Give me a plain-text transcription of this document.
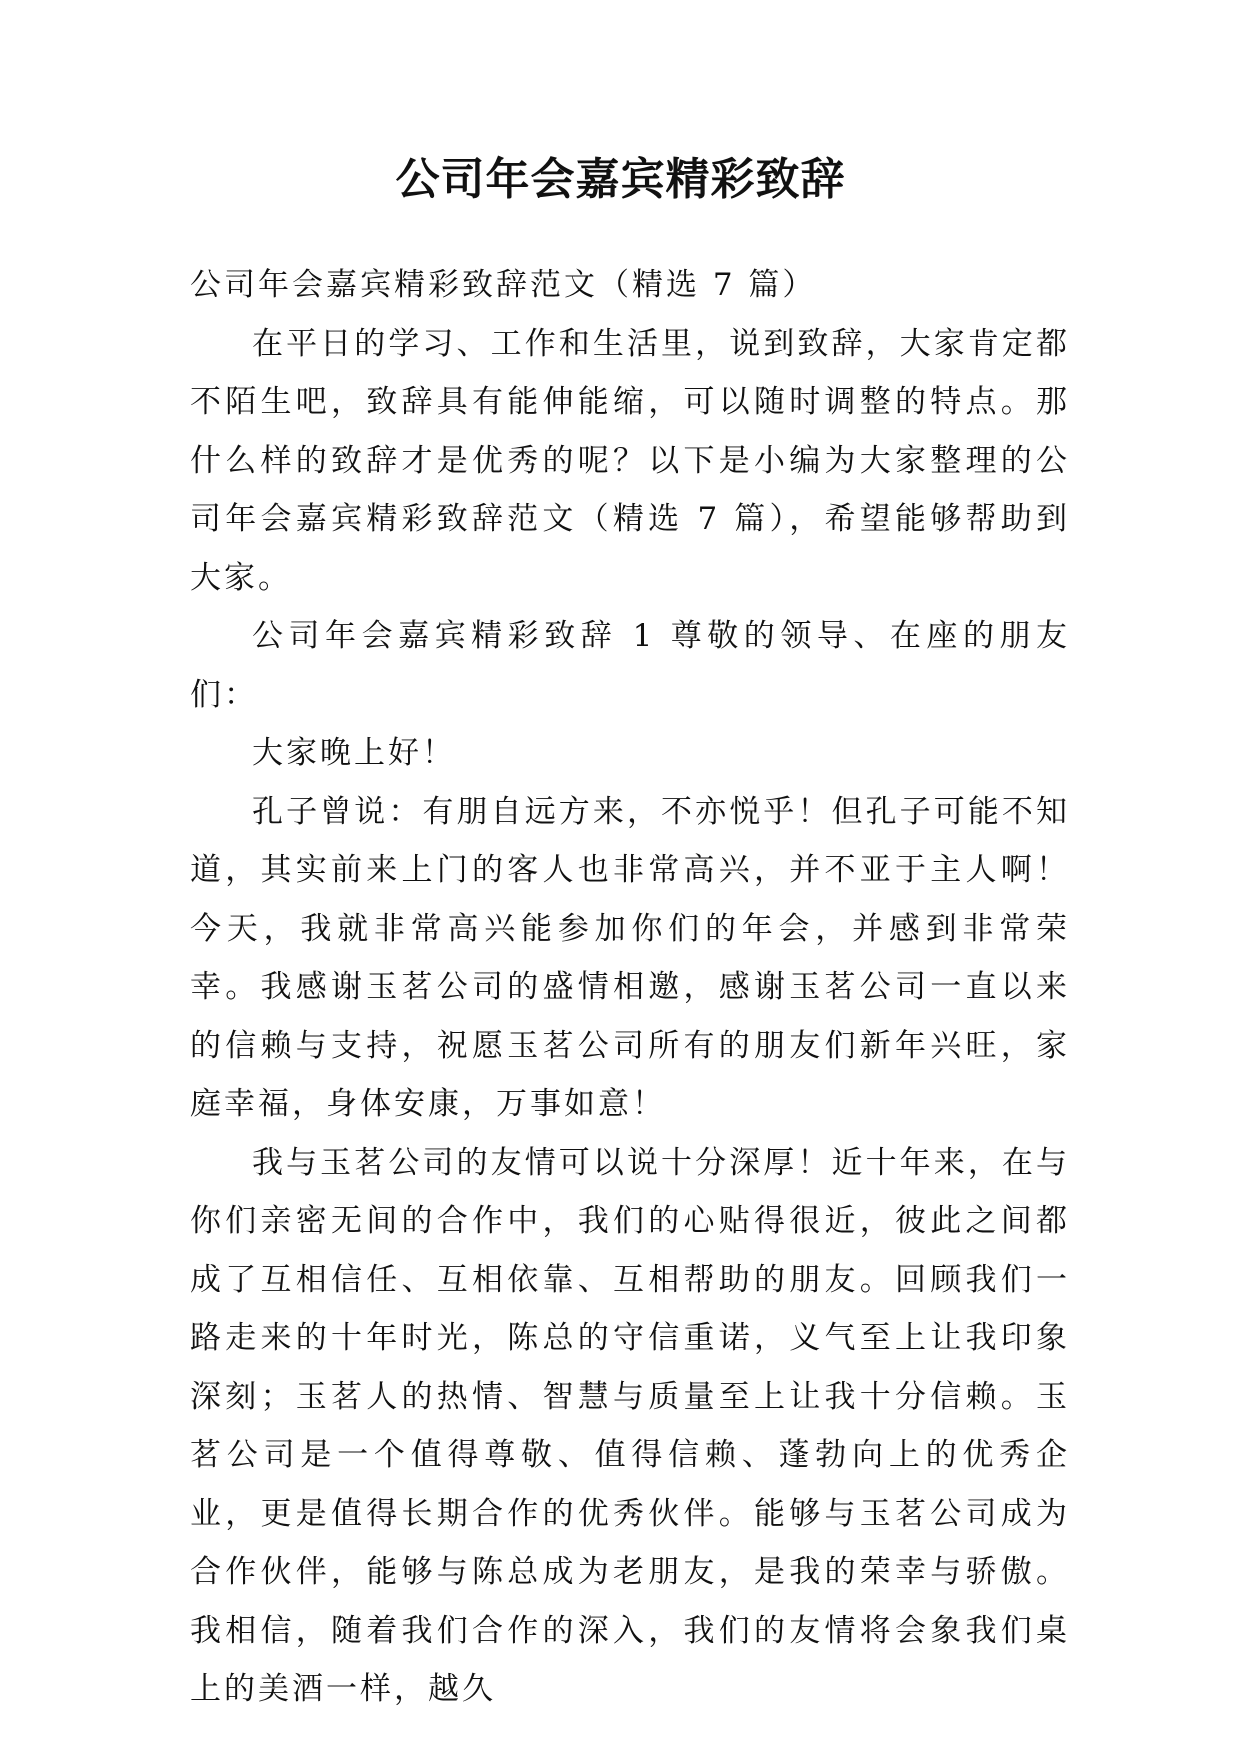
公司年会嘉宾精彩致辞

公司年会嘉宾精彩致辞范文（精选 7 篇）

在平日的学习、工作和生活里，说到致辞，大家肯定都不陌生吧，致辞具有能伸能缩，可以随时调整的特点。那什么样的致辞才是优秀的呢？以下是小编为大家整理的公司年会嘉宾精彩致辞范文（精选 7 篇），希望能够帮助到大家。

公司年会嘉宾精彩致辞 1 尊敬的领导、在座的朋友们：

大家晚上好！

孔子曾说：有朋自远方来，不亦悦乎！但孔子可能不知道，其实前来上门的客人也非常高兴，并不亚于主人啊！今天，我就非常高兴能参加你们的年会，并感到非常荣幸。我感谢玉茗公司的盛情相邀，感谢玉茗公司一直以来的信赖与支持，祝愿玉茗公司所有的朋友们新年兴旺，家庭幸福，身体安康，万事如意！

我与玉茗公司的友情可以说十分深厚！近十年来，在与你们亲密无间的合作中，我们的心贴得很近，彼此之间都成了互相信任、互相依靠、互相帮助的朋友。回顾我们一路走来的十年时光，陈总的守信重诺，义气至上让我印象深刻；玉茗人的热情、智慧与质量至上让我十分信赖。玉茗公司是一个值得尊敬、值得信赖、蓬勃向上的优秀企业，更是值得长期合作的优秀伙伴。能够与玉茗公司成为合作伙伴，能够与陈总成为老朋友，是我的荣幸与骄傲。我相信，随着我们合作的深入，我们的友情将会象我们桌上的美酒一样，越久
